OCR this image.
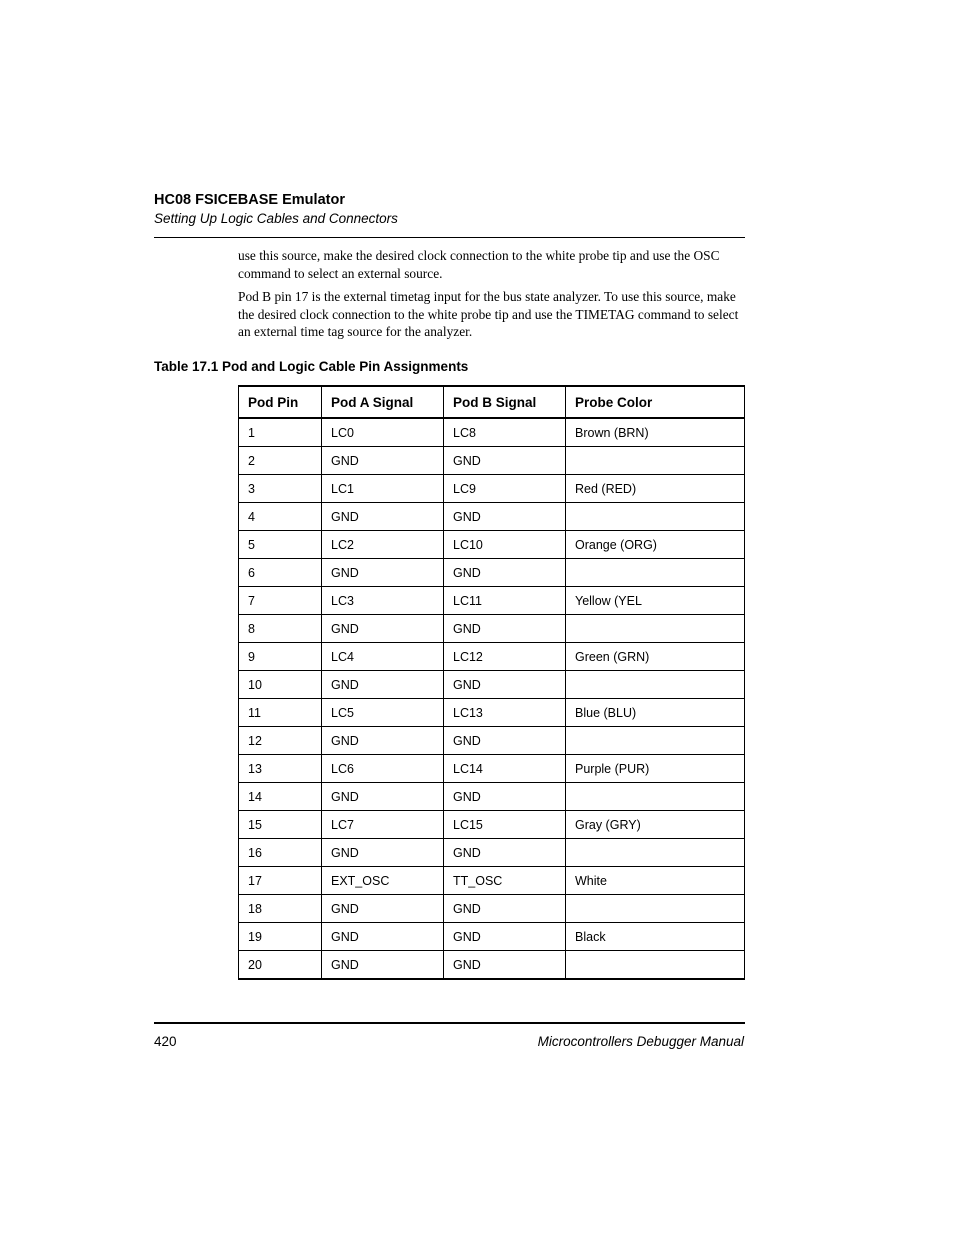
HC08 FSICEBASE Emulator
Setting Up Logic Cables and Connectors

use this source, make the desired clock connection to the white probe tip and use the OSC command to select an external source.

Pod B pin 17 is the external timetag input for the bus state analyzer. To use this source, make the desired clock connection to the white probe tip and use the TIMETAG command to select an external time tag source for the analyzer.

Table 17.1 Pod and Logic Cable Pin Assignments
Pod Pin	Pod A Signal	Pod B Signal	Probe Color
1	LC0	LC8	Brown (BRN)
2	GND	GND	
3	LC1	LC9	Red (RED)
4	GND	GND	
5	LC2	LC10	Orange (ORG)
6	GND	GND	
7	LC3	LC11	Yellow (YEL
8	GND	GND	
9	LC4	LC12	Green (GRN)
10	GND	GND	
11	LC5	LC13	Blue (BLU)
12	GND	GND	
13	LC6	LC14	Purple (PUR)
14	GND	GND	
15	LC7	LC15	Gray (GRY)
16	GND	GND	
17	EXT_OSC	TT_OSC	White
18	GND	GND	
19	GND	GND	Black
20	GND	GND	
420	Microcontrollers Debugger Manual
